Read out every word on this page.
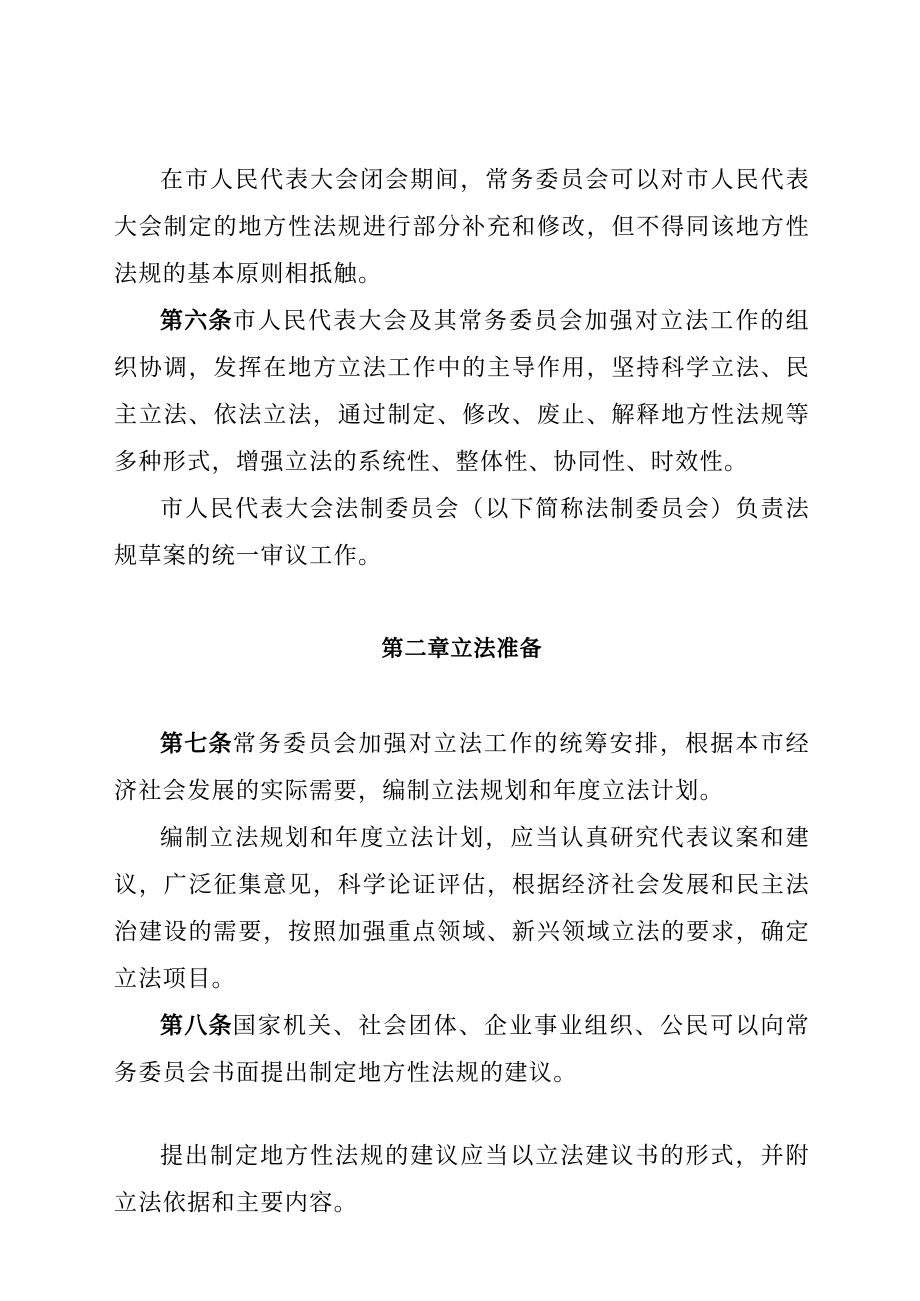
在市人民代表大会闭会期间，常务委员会可以对市人民代表大会制定的地方性法规进行部分补充和修改，但不得同该地方性法规的基本原则相抵触。

第六条市人民代表大会及其常务委员会加强对立法工作的组织协调，发挥在地方立法工作中的主导作用，坚持科学立法、民主立法、依法立法，通过制定、修改、废止、解释地方性法规等多种形式，增强立法的系统性、整体性、协同性、时效性。

市人民代表大会法制委员会（以下简称法制委员会）负责法规草案的统一审议工作。

第二章立法准备

第七条常务委员会加强对立法工作的统筹安排，根据本市经济社会发展的实际需要，编制立法规划和年度立法计划。

编制立法规划和年度立法计划，应当认真研究代表议案和建议，广泛征集意见，科学论证评估，根据经济社会发展和民主法治建设的需要，按照加强重点领域、新兴领域立法的要求，确定立法项目。

第八条国家机关、社会团体、企业事业组织、公民可以向常务委员会书面提出制定地方性法规的建议。

提出制定地方性法规的建议应当以立法建议书的形式，并附立法依据和主要内容。
